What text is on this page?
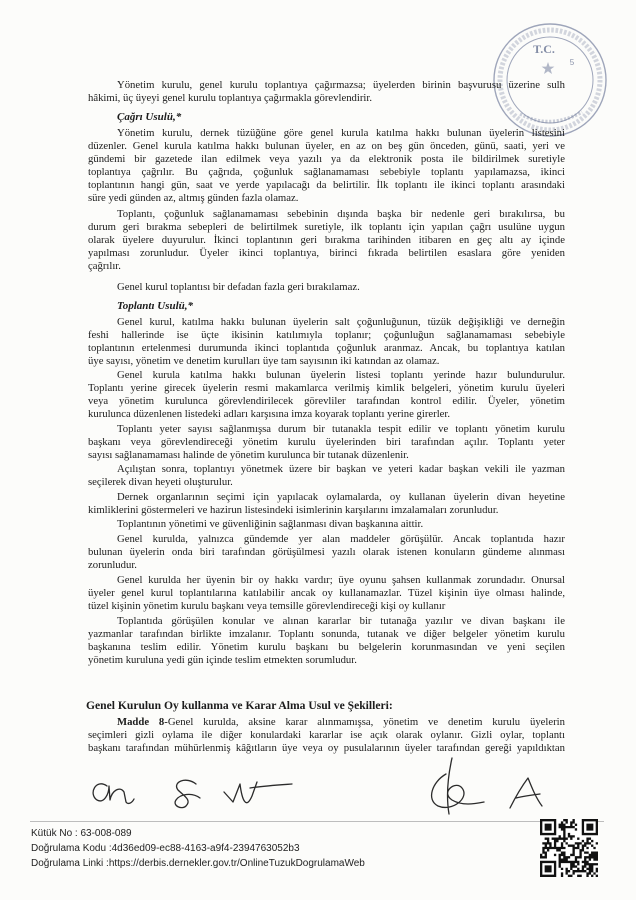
T.C.
5
Yönetim kurulu, genel kurulu toplantıya çağırmazsa; üyelerden birinin başvurusu üzerine sulh
hâkimi, üç üyeyi genel kurulu toplantıya çağırmakla görevlendirir.
Çağrı Usulü,*
Yönetim kurulu, dernek tüzüğüne göre genel kurula katılma hakkı bulunan üyelerin listesini
düzenler. Genel kurula katılma hakkı bulunan üyeler, en az on beş gün önceden, günü, saati, yeri ve
gündemi bir gazetede ilan edilmek veya yazılı ya da elektronik posta ile bildirilmek suretiyle
toplantıya çağrılır. Bu çağrıda, çoğunluk sağlanamaması sebebiyle toplantı yapılamazsa, ikinci
toplantının hangi gün, saat ve yerde yapılacağı da belirtilir. İlk toplantı ile ikinci toplantı arasındaki
süre yedi günden az, altmış günden fazla olamaz.
Toplantı, çoğunluk sağlanamaması sebebinin dışında başka bir nedenle geri bırakılırsa, bu
durum geri bırakma sebepleri de belirtilmek suretiyle, ilk toplantı için yapılan çağrı usulüne uygun
olarak üyelere duyurulur. İkinci toplantının geri bırakma tarihinden itibaren en geç altı ay içinde
yapılması zorunludur. Üyeler ikinci toplantıya, birinci fıkrada belirtilen esaslara göre yeniden
çağrılır.
Genel kurul toplantısı bir defadan fazla geri bırakılamaz.
Toplantı Usulü,*
Genel kurul, katılma hakkı bulunan üyelerin salt çoğunluğunun, tüzük değişikliği ve derneğin
feshi hallerinde ise üçte ikisinin katılımıyla toplanır; çoğunluğun sağlanamaması sebebiyle
toplantının ertelenmesi durumunda ikinci toplantıda çoğunluk aranmaz. Ancak, bu toplantıya katılan
üye sayısı, yönetim ve denetim kurulları üye tam sayısının iki katından az olamaz.
Genel kurula katılma hakkı bulunan üyelerin listesi toplantı yerinde hazır bulundurulur.
Toplantı yerine girecek üyelerin resmi makamlarca verilmiş kimlik belgeleri, yönetim kurulu üyeleri
veya yönetim kurulunca görevlendirilecek görevliler tarafından kontrol edilir. Üyeler, yönetim
kurulunca düzenlenen listedeki adları karşısına imza koyarak toplantı yerine girerler.
Toplantı yeter sayısı sağlanmışsa durum bir tutanakla tespit edilir ve toplantı yönetim kurulu
başkanı veya görevlendireceği yönetim kurulu üyelerinden biri tarafından açılır. Toplantı yeter
sayısı sağlanamaması halinde de yönetim kurulunca bir tutanak düzenlenir.
Açılıştan sonra, toplantıyı yönetmek üzere bir başkan ve yeteri kadar başkan vekili ile yazman
seçilerek divan heyeti oluşturulur.
Dernek organlarının seçimi için yapılacak oylamalarda, oy kullanan üyelerin divan heyetine
kimliklerini göstermeleri ve hazirun listesindeki isimlerinin karşılarını imzalamaları zorunludur.
Toplantının yönetimi ve güvenliğinin sağlanması divan başkanına aittir.
Genel kurulda, yalnızca gündemde yer alan maddeler görüşülür. Ancak toplantıda hazır
bulunan üyelerin onda biri tarafından görüşülmesi yazılı olarak istenen konuların gündeme alınması
zorunludur.
Genel kurulda her üyenin bir oy hakkı vardır; üye oyunu şahsen kullanmak zorundadır. Onursal
üyeler genel kurul toplantılarına katılabilir ancak oy kullanamazlar. Tüzel kişinin üye olması halinde,
tüzel kişinin yönetim kurulu başkanı veya temsille görevlendireceği kişi oy kullanır
Toplantıda görüşülen konular ve alınan kararlar bir tutanağa yazılır ve divan başkanı ile
yazmanlar tarafından birlikte imzalanır. Toplantı sonunda, tutanak ve diğer belgeler yönetim kurulu
başkanına teslim edilir. Yönetim kurulu başkanı bu belgelerin korunmasından ve yeni seçilen
yönetim kuruluna yedi gün içinde teslim etmekten sorumludur.
Genel Kurulun Oy kullanma ve Karar Alma Usul ve Şekilleri:
Madde 8-Genel kurulda, aksine karar alınmamışsa, yönetim ve denetim kurulu üyelerin
seçimleri gizli oylama ile diğer konulardaki kararlar ise açık olarak oylanır. Gizli oylar, toplantı
başkanı tarafından mühürlenmiş kâğıtların üye veya oy pusulalarının üyeler tarafından gereği yapıldıktan
Kütük No : 63-008-089
Doğrulama Kodu :4d36ed09-ec88-4163-a9f4-2394763052b3
Doğrulama Linki :https://derbis.dernekler.gov.tr/OnlineTuzukDogrulamaWeb
